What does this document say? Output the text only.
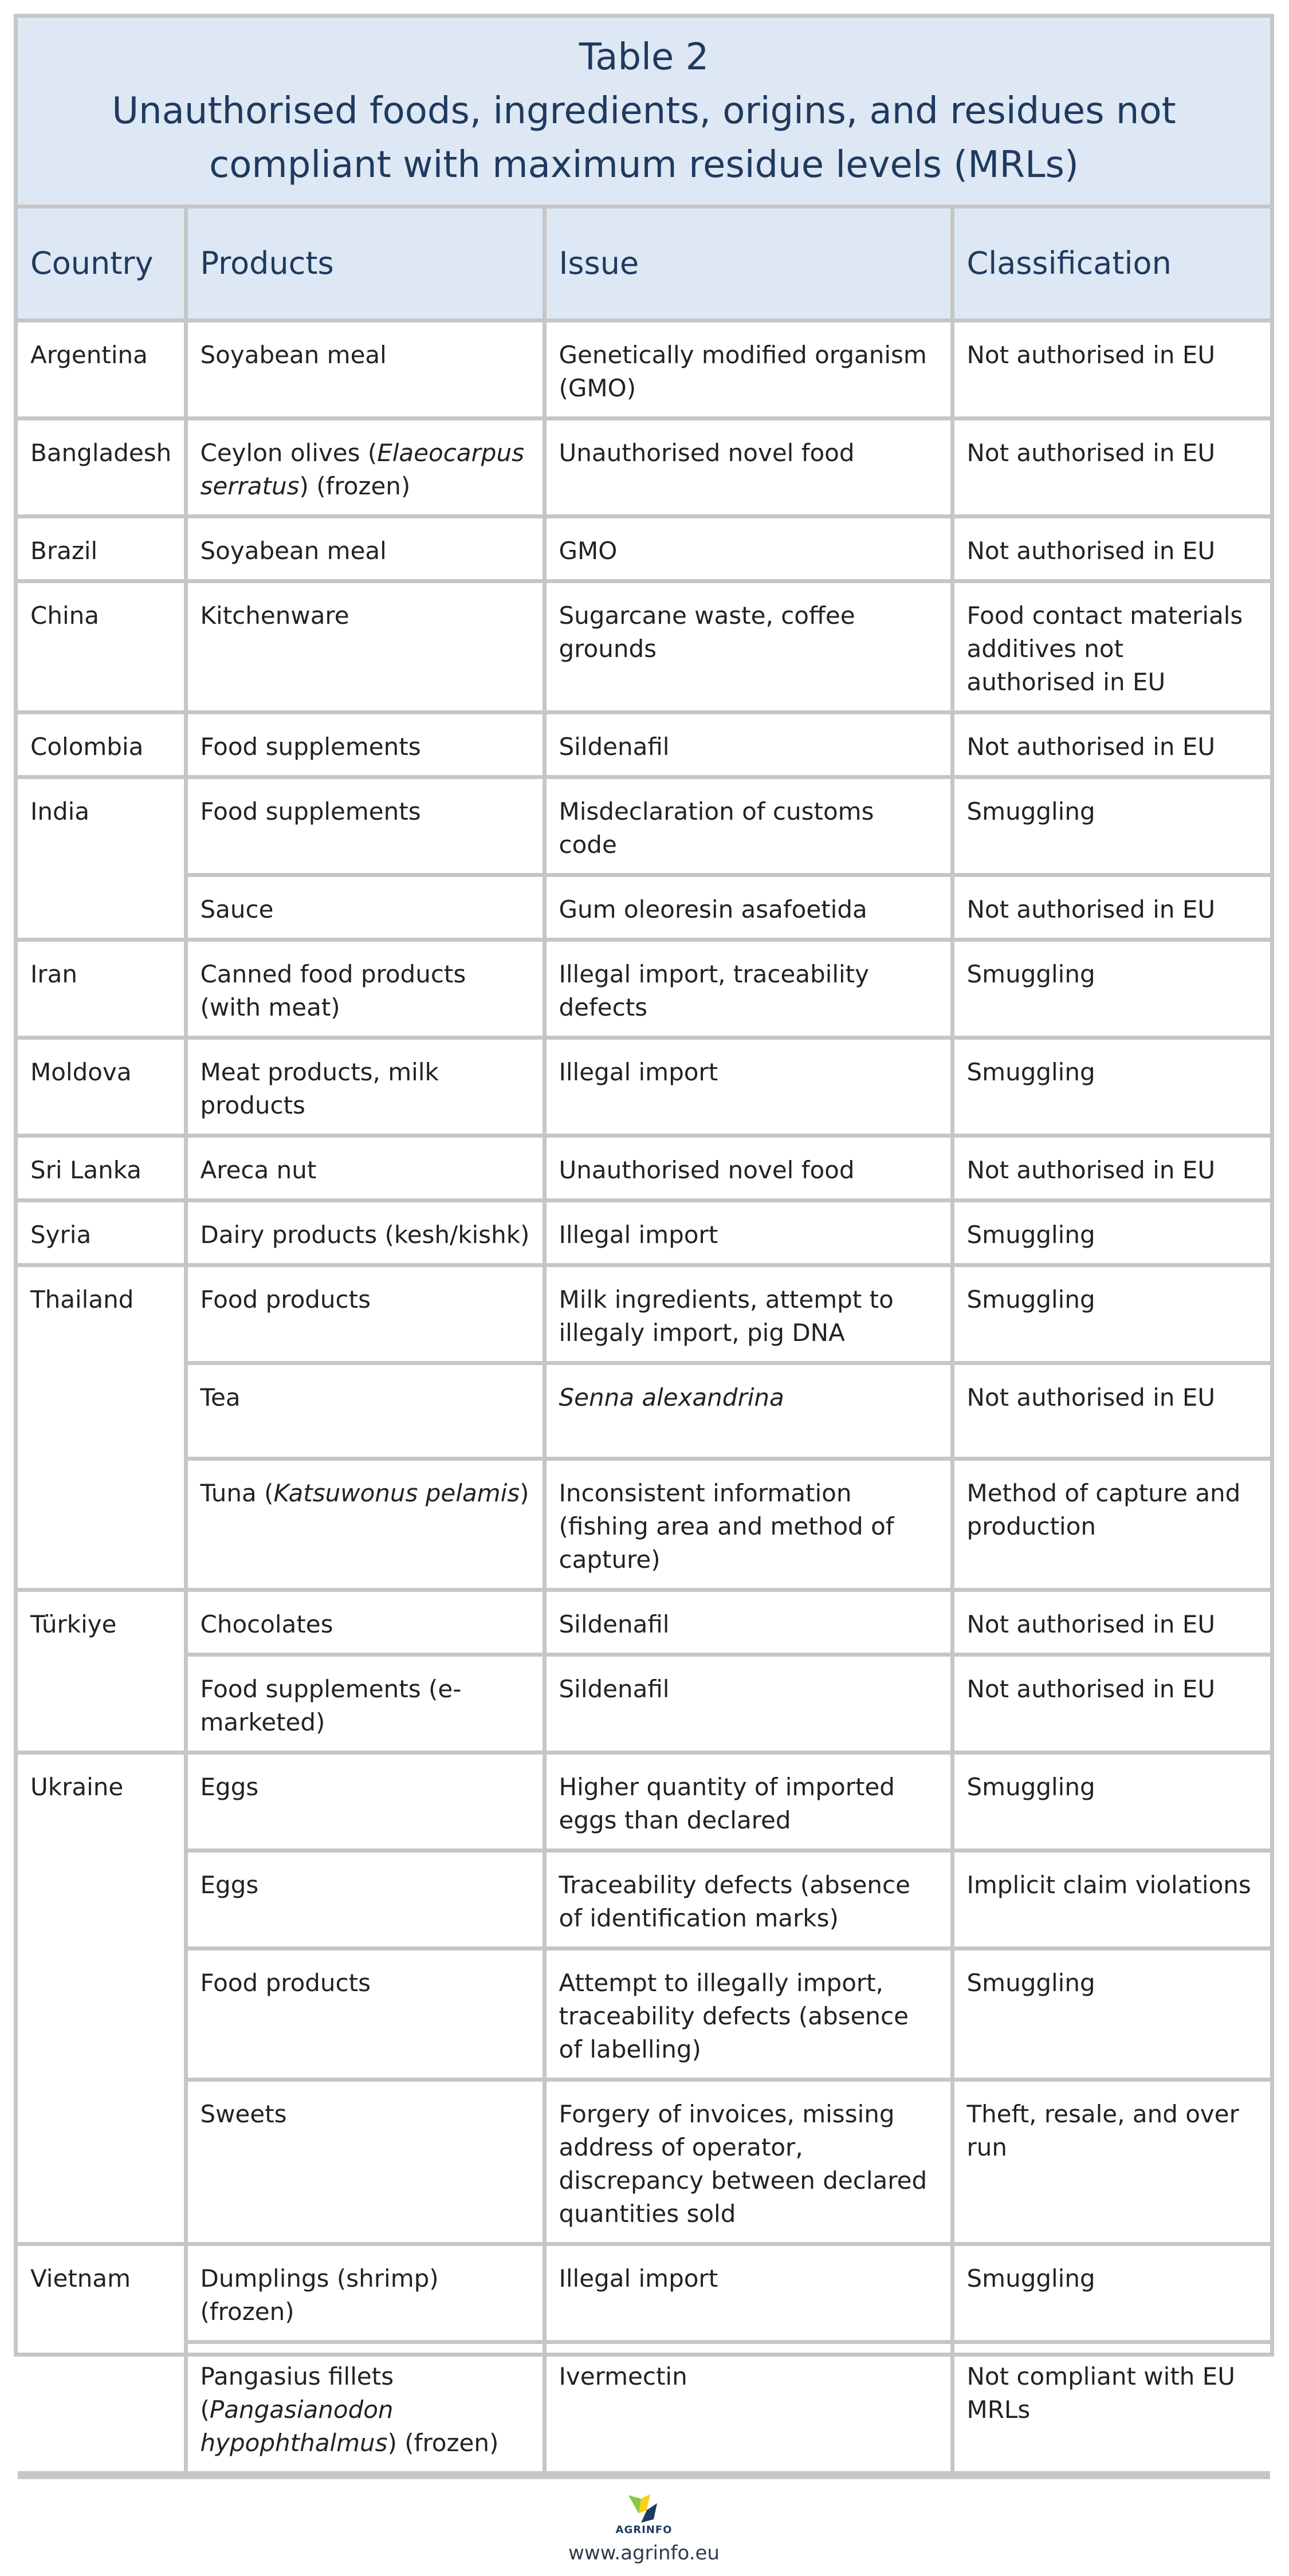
Table 2
Unauthorised foods, ingredients, origins, and residues not compliant with maximum residue levels (MRLs)
Country	Products	Issue	Classification
Argentina	Soyabean meal	Genetically modified organism (GMO)	Not authorised in EU
Bangladesh	Ceylon olives (Elaeocarpus serratus) (frozen)	Unauthorised novel food	Not authorised in EU
Brazil	Soyabean meal	GMO	Not authorised in EU
China	Kitchenware	Sugarcane waste, coffee grounds	Food contact materials additives not authorised in EU
Colombia	Food supplements	Sildenafil	Not authorised in EU
India	Food supplements	Misdeclaration of customs code	Smuggling
	Sauce	Gum oleoresin asafoetida	Not authorised in EU
Iran	Canned food products (with meat)	Illegal import, traceability defects	Smuggling
Moldova	Meat products, milk products	Illegal import	Smuggling
Sri Lanka	Areca nut	Unauthorised novel food	Not authorised in EU
Syria	Dairy products (kesh/kishk)	Illegal import	Smuggling
Thailand	Food products	Milk ingredients, attempt to illegaly import, pig DNA	Smuggling
	Tea	Senna alexandrina	Not authorised in EU
	Tuna (Katsuwonus pelamis)	Inconsistent information (fishing area and method of capture)	Method of capture and production
Türkiye	Chocolates	Sildenafil	Not authorised in EU
	Food supplements (e-marketed)	Sildenafil	Not authorised in EU
Ukraine	Eggs	Higher quantity of imported eggs than declared	Smuggling
	Eggs	Traceability defects (absence of identification marks)	Implicit claim violations
	Food products	Attempt to illegally import, traceability defects (absence of labelling)	Smuggling
	Sweets	Forgery of invoices, missing address of operator, discrepancy between declared quantities sold	Theft, resale, and over run
Vietnam	Dumplings (shrimp) (frozen)	Illegal import	Smuggling
	Pangasius fillets (Pangasianodon hypophthalmus) (frozen)	Ivermectin	Not compliant with EU MRLs
AGRINFO
www.agrinfo.eu
